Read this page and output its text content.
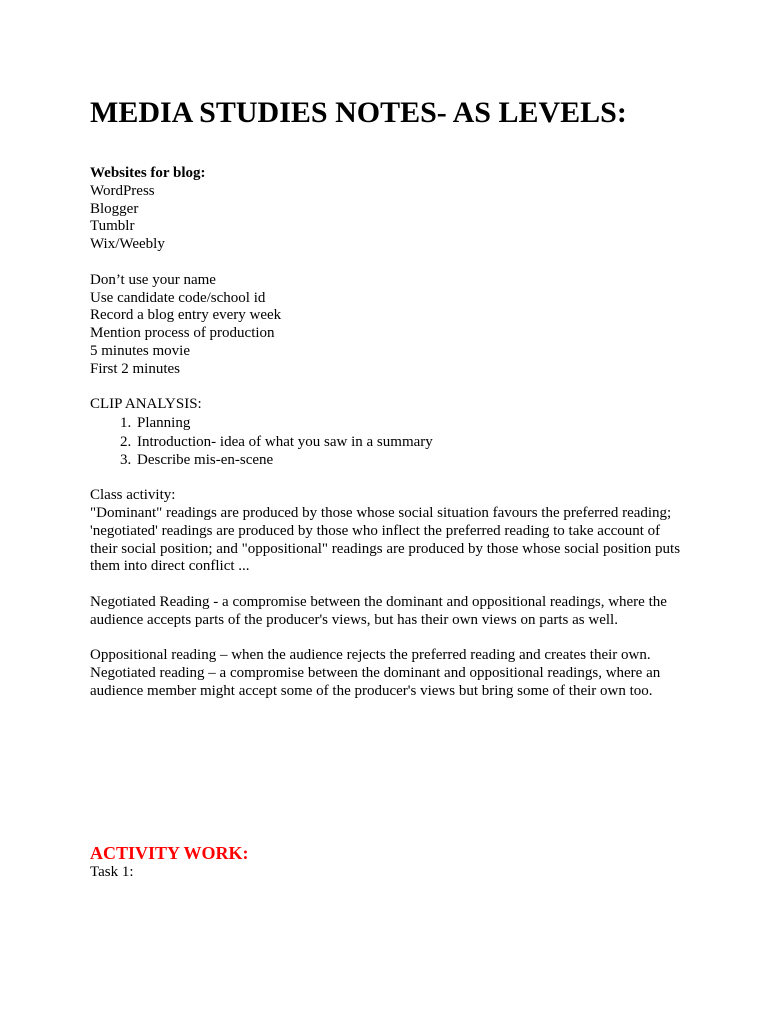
MEDIA STUDIES NOTES- AS LEVELS:

Websites for blog:

WordPress

Blogger

Tumblr

Wix/Weebly

Don’t use your name

Use candidate code/school id

Record a blog entry every week

Mention process of production

5 minutes movie

First 2 minutes

CLIP ANALYSIS:

1. Planning
2. Introduction- idea of what you saw in a summary
3. Describe mis-en-scene

Class activity:

"Dominant" readings are produced by those whose social situation favours the preferred reading; 'negotiated' readings are produced by those who inflect the preferred reading to take account of their social position; and "oppositional" readings are produced by those whose social position puts them into direct conflict ...

Negotiated Reading - a compromise between the dominant and oppositional readings, where the audience accepts parts of the producer's views, but has their own views on parts as well.

Oppositional reading – when the audience rejects the preferred reading and creates their own.

Negotiated reading – a compromise between the dominant and oppositional readings, where an audience member might accept some of the producer's views but bring some of their own too.

ACTIVITY WORK:
Task 1:
